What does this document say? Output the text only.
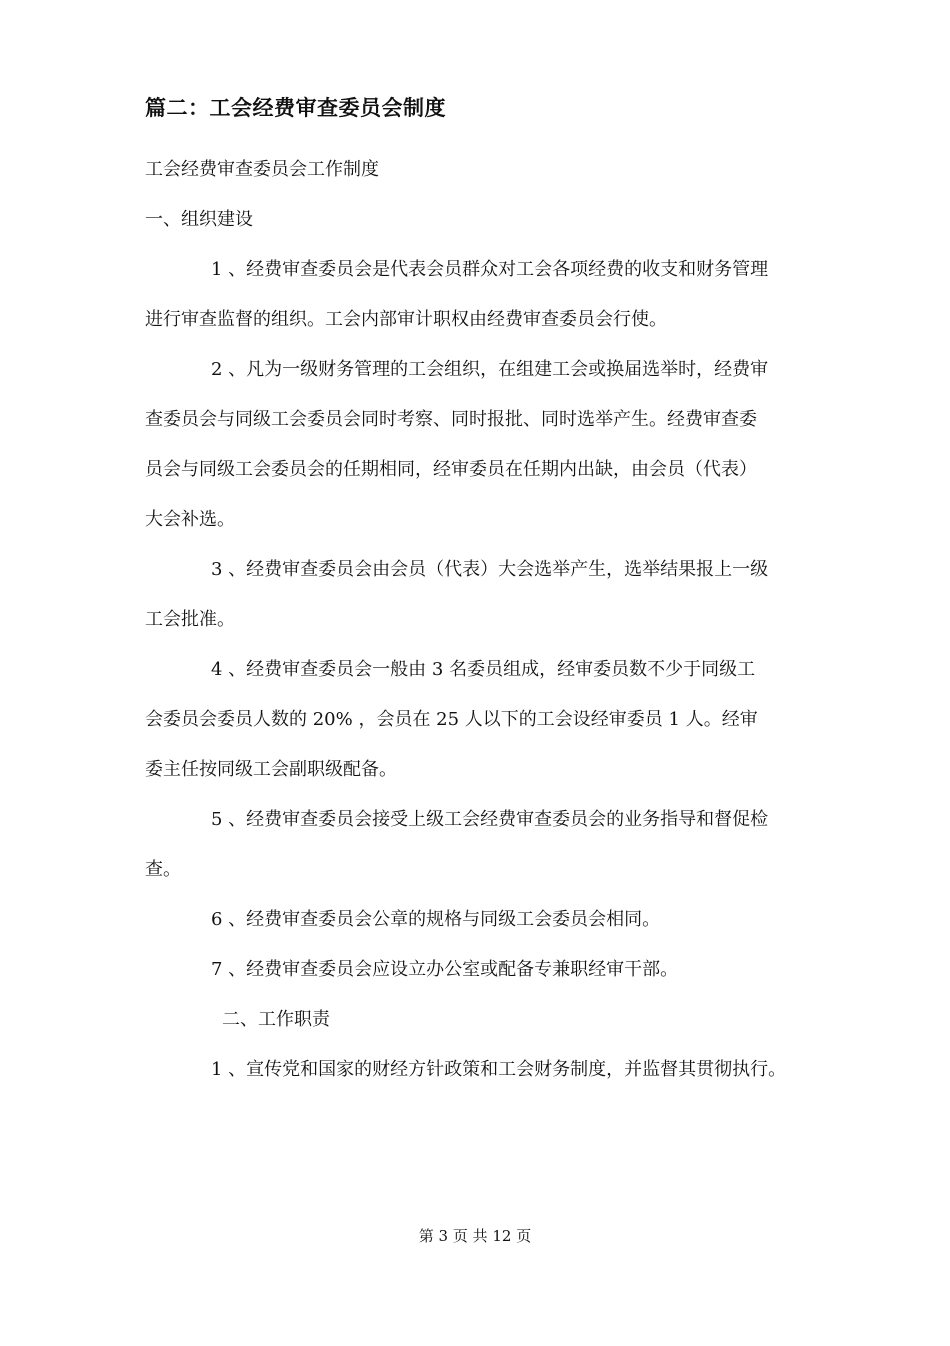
篇二：工会经费审查委员会制度
工会经费审查委员会工作制度
一、组织建设
1 、经费审查委员会是代表会员群众对工会各项经费的收支和财务管理
进行审查监督的组织。工会内部审计职权由经费审查委员会行使。
2 、凡为一级财务管理的工会组织，在组建工会或换届选举时，经费审
查委员会与同级工会委员会同时考察、同时报批、同时选举产生。经费审查委
员会与同级工会委员会的任期相同，经审委员在任期内出缺，由会员（代表）
大会补选。
3 、经费审查委员会由会员（代表）大会选举产生，选举结果报上一级
工会批准。
4 、经费审查委员会一般由 3 名委员组成，经审委员数不少于同级工
会委员会委员人数的 20% ，会员在 25 人以下的工会设经审委员 1 人。经审
委主任按同级工会副职级配备。
5 、经费审查委员会接受上级工会经费审查委员会的业务指导和督促检
查。
6 、经费审查委员会公章的规格与同级工会委员会相同。
7 、经费审查委员会应设立办公室或配备专兼职经审干部。
二、工作职责
1 、宣传党和国家的财经方针政策和工会财务制度，并监督其贯彻执行。
第 3 页 共 12 页
